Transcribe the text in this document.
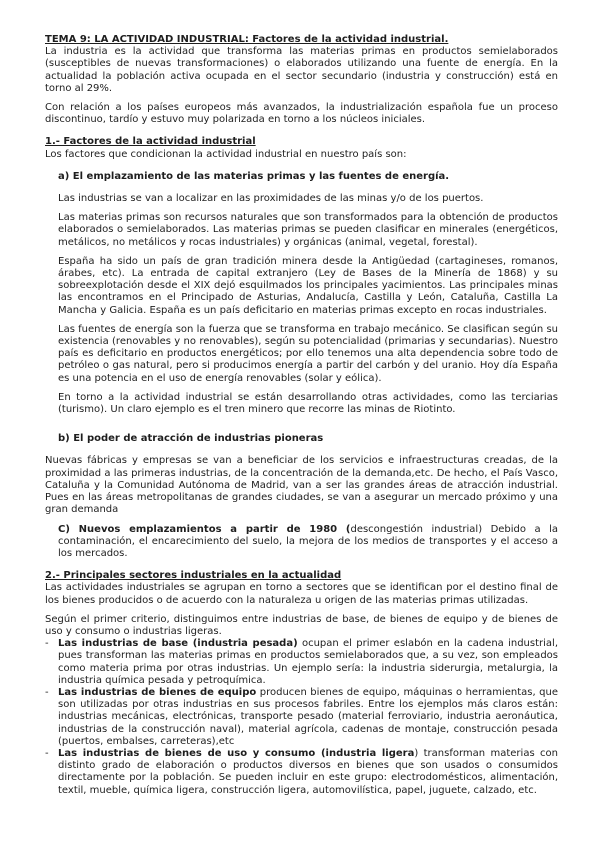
TEMA 9: LA ACTIVIDAD INDUSTRIAL: Factores de la actividad industrial.

La industria es la actividad que transforma las materias primas en productos semielaborados (susceptibles de nuevas transformaciones) o elaborados utilizando una fuente de energía. En la actualidad la población activa ocupada en el sector secundario (industria y construcción) está en torno al 29%.

Con relación a los países europeos más avanzados, la industrialización española fue un proceso discontinuo, tardío y estuvo muy polarizada en torno a los núcleos iniciales.

1.- Factores de la actividad industrial

Los factores que condicionan la actividad industrial en nuestro país son:

a) El emplazamiento de las materias primas y las fuentes de energía.

Las industrias se van a localizar en las proximidades de las minas y/o de los puertos.

Las materias primas son recursos naturales que son transformados para la obtención de productos elaborados o semielaborados. Las materias primas se pueden clasificar en minerales (energéticos, metálicos, no metálicos y rocas industriales) y orgánicas (animal, vegetal, forestal).

España ha sido un país de gran tradición minera desde la Antigüedad (cartagineses, romanos, árabes, etc). La entrada de capital extranjero (Ley de Bases de la Minería de 1868) y su sobreexplotación desde el XIX dejó esquilmados los principales yacimientos. Las principales minas las encontramos en el Principado de Asturias, Andalucía, Castilla y León, Cataluña, Castilla La Mancha y Galicia. España es un país deficitario en materias primas excepto en rocas industriales.

Las fuentes de energía son la fuerza que se transforma en trabajo mecánico. Se clasifican según su existencia (renovables y no renovables), según su potencialidad (primarias y secundarias). Nuestro país es deficitario en productos energéticos; por ello tenemos una alta dependencia sobre todo de petróleo o gas natural, pero si producimos energía a partir del carbón y del uranio. Hoy día España es una potencia en el uso de energía renovables (solar y eólica).

En torno a la actividad industrial se están desarrollando otras actividades, como las terciarias (turismo). Un claro ejemplo es el tren minero que recorre las minas de Riotinto.

b) El poder de atracción de industrias pioneras

Nuevas fábricas y empresas se van a beneficiar de los servicios e infraestructuras creadas, de la proximidad a las primeras industrias, de la concentración de la demanda,etc. De hecho, el País Vasco, Cataluña y la Comunidad Autónoma de Madrid, van a ser las grandes áreas de atracción industrial. Pues en las áreas metropolitanas de grandes ciudades, se van a asegurar un mercado próximo y una gran demanda

C) Nuevos emplazamientos a partir de 1980 (descongestión industrial) Debido a la contaminación, el encarecimiento del suelo, la mejora de los medios de transportes y el acceso a los mercados.

2.- Principales sectores industriales en la actualidad

Las actividades industriales se agrupan en torno a sectores que se identifican por el destino final de los bienes producidos o de acuerdo con la naturaleza u origen de las materias primas utilizadas.

Según el primer criterio, distinguimos entre industrias de base, de bienes de equipo y de bienes de uso y consumo o industrias ligeras.

- Las industrias de base (industria pesada) ocupan el primer eslabón en la cadena industrial, pues transforman las materias primas en productos semielaborados que, a su vez, son empleados como materia prima por otras industrias. Un ejemplo sería: la industria siderurgia, metalurgia, la industria química pesada y petroquímica.
- Las industrias de bienes de equipo producen bienes de equipo, máquinas o herramientas, que son utilizadas por otras industrias en sus procesos fabriles. Entre los ejemplos más claros están: industrias mecánicas, electrónicas, transporte pesado (material ferroviario, industria aeronáutica, industrias de la construcción naval), material agrícola, cadenas de montaje, construcción pesada (puertos, embalses, carreteras),etc
- Las industrias de bienes de uso y consumo (industria ligera) transforman materias con distinto grado de elaboración o productos diversos en bienes que son usados o consumidos directamente por la población. Se pueden incluir en este grupo: electrodomésticos, alimentación, textil, mueble, química ligera, construcción ligera, automovilística, papel, juguete, calzado, etc.
